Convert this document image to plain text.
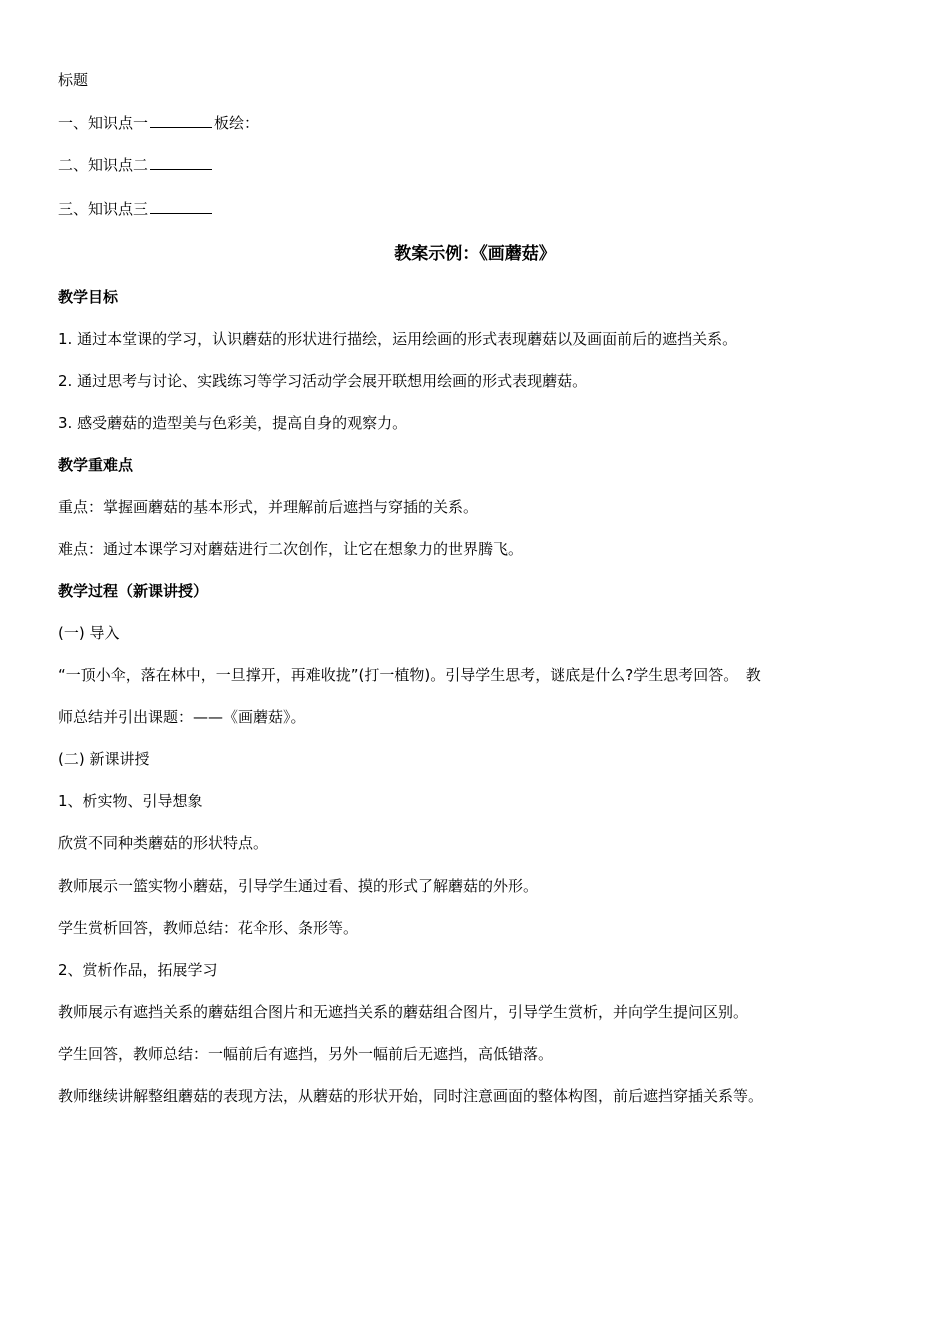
标题
一、知识点一	板绘：
二、知识点二
三、知识点三
教案示例：《画蘑菇》
教学目标
1. 通过本堂课的学习，认识蘑菇的形状进行描绘，运用绘画的形式表现蘑菇以及画面前后的遮挡关系。
2. 通过思考与讨论、实践练习等学习活动学会展开联想用绘画的形式表现蘑菇。
3. 感受蘑菇的造型美与色彩美，提高自身的观察力。
教学重难点
重点：掌握画蘑菇的基本形式，并理解前后遮挡与穿插的关系。
难点：通过本课学习对蘑菇进行二次创作，让它在想象力的世界腾飞。
教学过程（新课讲授）
(一) 导入
“一顶小伞，落在林中，一旦撑开，再难收拢”(打一植物)。引导学生思考，谜底是什么?学生思考回答。　教
师总结并引出课题：——《画蘑菇》。
(二) 新课讲授
1、析实物、引导想象
欣赏不同种类蘑菇的形状特点。
教师展示一篮实物小蘑菇，引导学生通过看、摸的形式了解蘑菇的外形。
学生赏析回答，教师总结：花伞形、条形等。
2、赏析作品，拓展学习
教师展示有遮挡关系的蘑菇组合图片和无遮挡关系的蘑菇组合图片，引导学生赏析，并向学生提问区别。
学生回答，教师总结：一幅前后有遮挡，另外一幅前后无遮挡，高低错落。
教师继续讲解整组蘑菇的表现方法，从蘑菇的形状开始，同时注意画面的整体构图，前后遮挡穿插关系等。
